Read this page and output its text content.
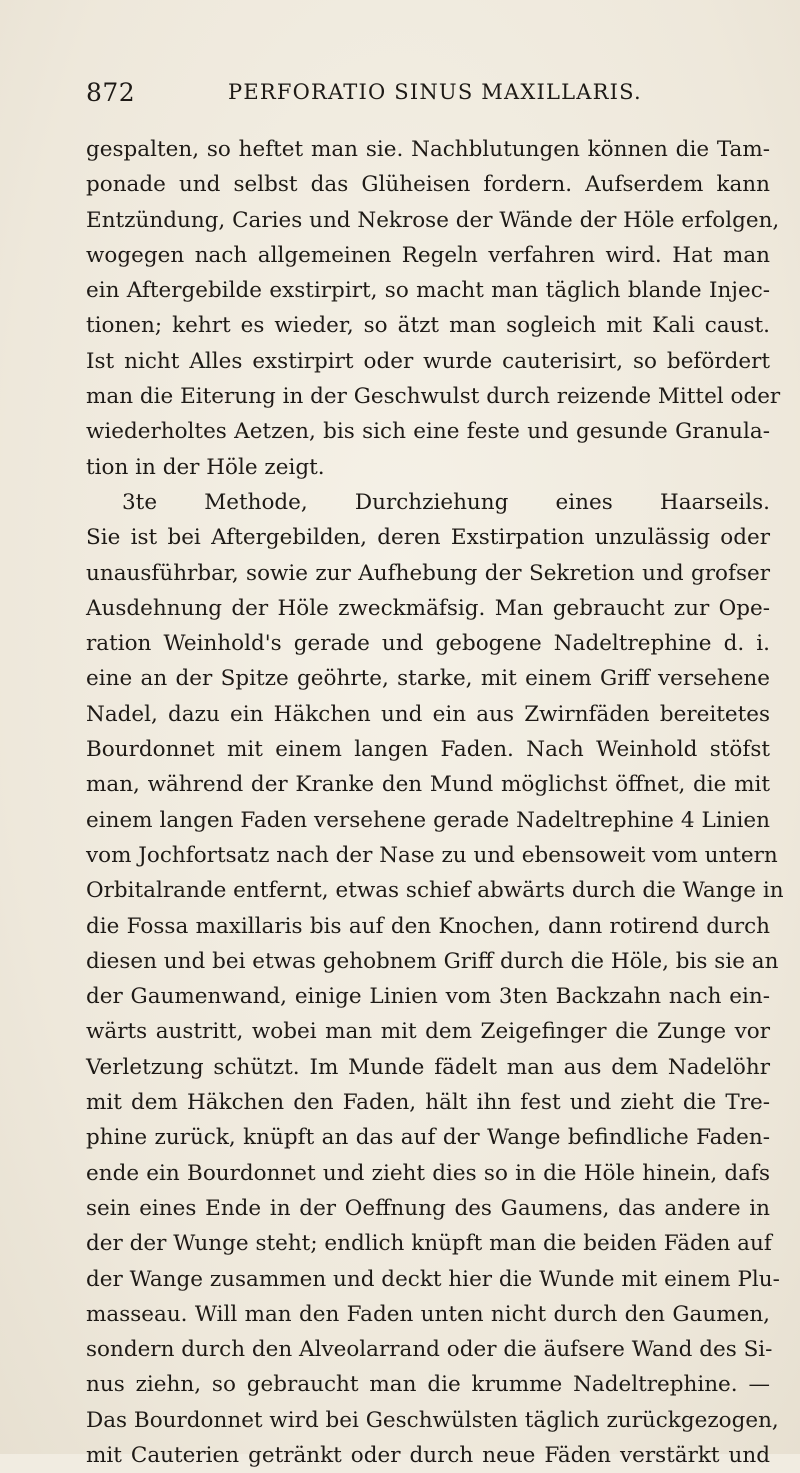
872	PERFORATIO SINUS MAXILLARIS.
gespalten, so heftet man sie. Nachblutungen können die Tam-
ponade und selbst das Glüheisen fordern. Aufserdem kann
Entzündung, Caries und Nekrose der Wände der Höle erfolgen,
wogegen nach allgemeinen Regeln verfahren wird. Hat man
ein Aftergebilde exstirpirt, so macht man täglich blande Injec-
tionen; kehrt es wieder, so ätzt man sogleich mit Kali caust.
Ist nicht Alles exstirpirt oder wurde cauterisirt, so befördert
man die Eiterung in der Geschwulst durch reizende Mittel oder
wiederholtes Aetzen, bis sich eine feste und gesunde Granula-
tion in der Höle zeigt.
3te Methode, Durchziehung eines Haarseils.
Sie ist bei Aftergebilden, deren Exstirpation unzulässig oder
unausführbar, sowie zur Aufhebung der Sekretion und grofser
Ausdehnung der Höle zweckmäfsig. Man gebraucht zur Ope-
ration Weinhold's gerade und gebogene Nadeltrephine d. i.
eine an der Spitze geöhrte, starke, mit einem Griff versehene
Nadel, dazu ein Häkchen und ein aus Zwirnfäden bereitetes
Bourdonnet mit einem langen Faden. Nach Weinhold stöfst
man, während der Kranke den Mund möglichst öffnet, die mit
einem langen Faden versehene gerade Nadeltrephine 4 Linien
vom Jochfortsatz nach der Nase zu und ebensoweit vom untern
Orbitalrande entfernt, etwas schief abwärts durch die Wange in
die Fossa maxillaris bis auf den Knochen, dann rotirend durch
diesen und bei etwas gehobnem Griff durch die Höle, bis sie an
der Gaumenwand, einige Linien vom 3ten Backzahn nach ein-
wärts austritt, wobei man mit dem Zeigefinger die Zunge vor
Verletzung schützt. Im Munde fädelt man aus dem Nadelöhr
mit dem Häkchen den Faden, hält ihn fest und zieht die Tre-
phine zurück, knüpft an das auf der Wange befindliche Faden-
ende ein Bourdonnet und zieht dies so in die Höle hinein, dafs
sein eines Ende in der Oeffnung des Gaumens, das andere in
der der Wunge steht; endlich knüpft man die beiden Fäden auf
der Wange zusammen und deckt hier die Wunde mit einem Plu-
masseau. Will man den Faden unten nicht durch den Gaumen,
sondern durch den Alveolarrand oder die äufsere Wand des Si-
nus ziehn, so gebraucht man die krumme Nadeltrephine. —
Das Bourdonnet wird bei Geschwülsten täglich zurückgezogen,
mit Cauterien getränkt oder durch neue Fäden verstärkt und
